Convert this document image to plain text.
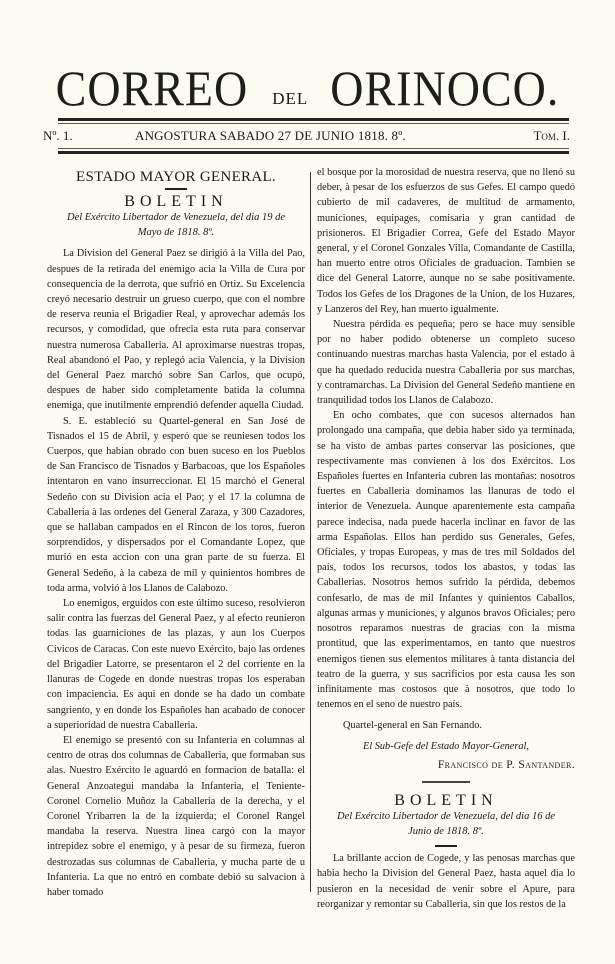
CORREO DEL ORINOCO.
Nº. 1.	ANGOSTURA SABADO 27 DE JUNIO 1818. 8º.	Tom. I.
ESTADO MAYOR GENERAL.
BOLETIN
Del Exército Libertador de Venezuela, del dia 19 de
Mayo de 1818. 8º.

La Division del General Paez se dirigió à la Villa del Pao, despues de la retirada del enemigo acia la Villa de Cura por consequencia de la derrota, que sufrió en Ortiz. Su Excelencia creyó necesario destruir un grueso cuerpo, que con el nombre de reserva reunia el Brigadier Real, y aprovechar además los recursos, y comodidad, que ofrecia esta ruta para conservar nuestra numerosa Caballeria. Al aproximarse nuestras tropas, Real abandonó el Pao, y replegó acia Valencia, y la Division del General Paez marchó sobre San Carlos, que ocupó, despues de haber sido completamente batida la columna enemiga, que inutilmente emprendió defender aquella Ciudad.

S. E. estableció su Quartel-general en San José de Tisnados el 15 de Abril, y esperó que se reuniesen todos los Cuerpos, que habian obrado con buen suceso en los Pueblos de San Francisco de Tisnados y Barbacoas, que los Españoles intentaron en vano insurreccionar. El 15 marchó el General Sedeño con su Division acia el Pao; y el 17 la columna de Caballeria à las ordenes del General Zaraza, y 300 Cazadores, que se hallaban campados en el Rincon de los toros, fueron sorprendidos, y dispersados por el Comandante Lopez, que murió en esta accion con una gran parte de su fuerza. El General Sedeño, à la cabeza de mil y quinientos hombres de toda arma, volvió à los Llanos de Calabozo.

Lo enemigos, erguidos con este último suceso, resolvieron salir contra las fuerzas del General Paez, y al efecto reunieron todas las guarniciones de las plazas, y aun los Cuerpos Civicos de Caracas. Con este nuevo Exército, bajo las ordenes del Brigadier Latorre, se presentaron el 2 del corriente en la llanuras de Cogede en donde nuestras tropas los esperaban con impaciencia. Es aqui en donde se ha dado un combate sangriento, y en donde los Españoles han acabado de conocer a superioridad de nuestra Caballeria.

El enemigo se presentó con su Infanteria en columnas al centro de otras dos columnas de Caballeria, que formaban sus alas. Nuestro Exército le aguardó en formacion de batalla: el General Anzoategui mandaba la Infanteria, el Teniente-Coronel Cornelio Muñoz la Caballeria de la derecha, y el Coronel Yribarren la de la izquierda; el Coronel Rangel mandaba la reserva. Nuestra linea cargó con la mayor intrepidez sobre el enemigo, y à pesar de su firmeza, fueron destrozadas sus columnas de Caballeria, y mucha parte de u Infanteria. La que no entró en combate debió su salvacion à haber tomado

el bosque por la morosidad de nuestra reserva, que no llenó su deber, à pesar de los esfuerzos de sus Gefes. El campo quedó cubierto de mil cadaveres, de multitud de armamento, municiones, equipages, comisaria y gran cantidad de prisioneros. El Brigadier Correa, Gefe del Estado Mayor general, y el Coronel Gonzales Villa, Comandante de Castilla, han muerto entre otros Oficiales de graduacion. Tambien se dice del General Latorre, aunque no se sabe positivamente. Todos los Gefes de los Dragones de la Union, de los Huzares, y Lanzeros del Rey, han muerto igualmente.

Nuestra pérdida es pequeña; pero se hace muy sensible por no haber podido obtenerse un completo suceso continuando nuestras marchas hasta Valencia, por el estado à que ha quedado reducida nuestra Caballeria por sus marchas, y contramarchas. La Division del General Sedeño mantiene en tranquilidad todos los Llanos de Calabozo.

En ocho combates, que con sucesos alternados han prolongado una campaña, que debia haber sido ya terminada, se ha visto de ambas partes conservar las posiciones, que respectivamente mas convienen à los dos Exércitos. Los Españoles fuertes en Infanteria cubren las montañas: nosotros fuertes en Caballeria dominamos las llanuras de todo el interior de Venezuela. Aunque aparentemente esta campaña parece indecisa, nada puede hacerla inclinar en favor de las arma Españolas. Ellos han perdido sus Generales, Gefes, Oficiales, y tropas Europeas, y mas de tres mil Soldados del país, todos los recursos, todos los abastos, y todas las Caballerias. Nosotros hemos sufrido la pérdida, debemos confesarlo, de mas de mil Infantes y quinientos Caballos, algunas armas y municiones, y algunos bravos Oficiales; pero nosotros reparamos nuestras de gracias con la misma prontitud, que las experimentamos, en tanto que nuestros enemigos tienen sus elementos militares à tanta distancia del teatro de la guerra, y sus sacrificios por esta causa les son infinitamente mas costosos que à nosotros, que todo lo tenemos en el seno de nuestro país.

Quartel-general en San Fernando.

El Sub-Gefe del Estado Mayor-General,
Francisco de P. Santander.
BOLETIN
Del Exército Libertador de Venezuela, del dia 16 de
Junio de 1818. 8º.

La brillante accion de Cogede, y las penosas marchas que habia hecho la Division del General Paez, hasta aquel dia lo pusieron en la necesidad de venir sobre el Apure, para reorganizar y remontar su Caballeria, sin que los restos de la
